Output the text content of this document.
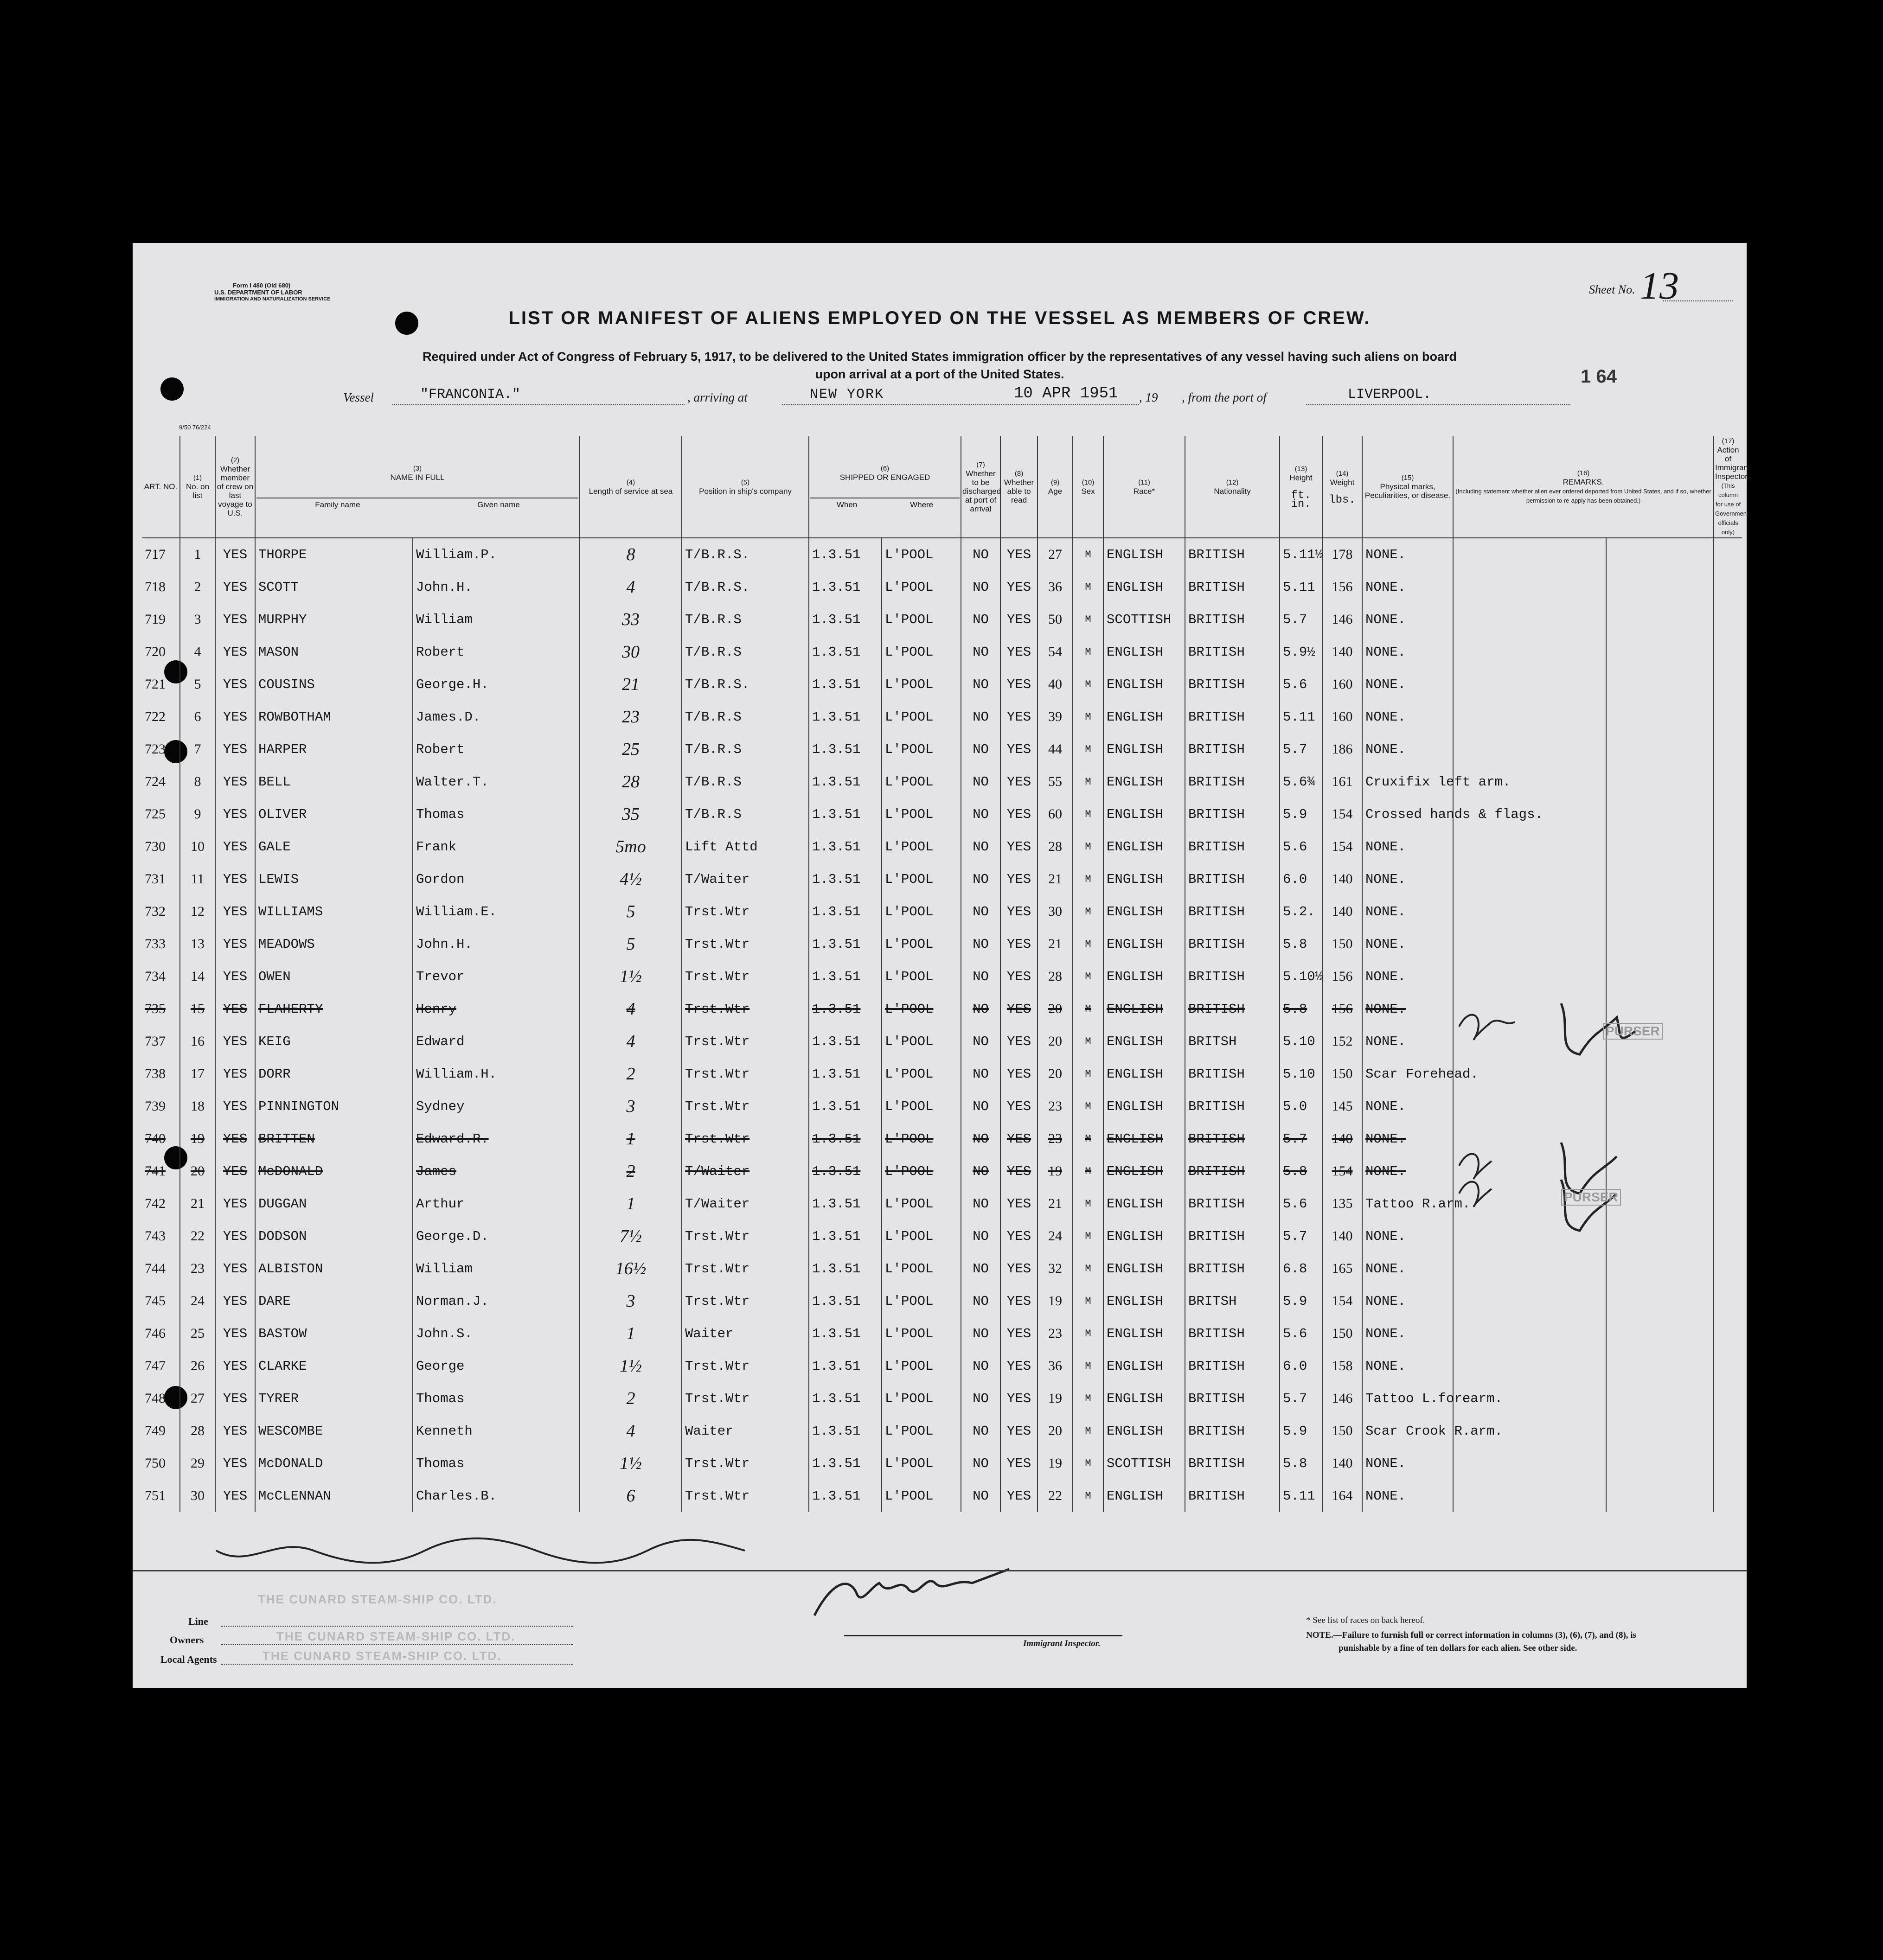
Form I 480 (Old 680)
U.S. DEPARTMENT OF LABOR
IMMIGRATION AND NATURALIZATION SERVICE
9/50 76/224
Sheet No. 13
1 64
LIST OR MANIFEST OF ALIENS EMPLOYED ON THE VESSEL AS MEMBERS OF CREW.
Required under Act of Congress of February 5, 1917, to be delivered to the United States immigration officer by the representatives of any vessel having such aliens on board
upon arrival at a port of the United States.
Vessel	"FRANCONIA."	, arriving at	NEW YORK	10 APR 1951 , 19 , from the port of	LIVERPOOL.
ART. NO.	(1)
No. on list	(2)
Whether member of crew on last voyage to U.S.	(3)
NAME IN FULL
Family name Given name		(4)
Length of service at sea	(5)
Position in ship's company	(6)
SHIPPED OR ENGAGED
When Where		(7)
Whether to be discharged at port of arrival	(8)
Whether able to read	(9)
Age	(10)
Sex	(11)
Race*	(12)
Nationality	(13)
Height

ft. in.	(14)
Weight

lbs.	(15)
Physical marks, Peculiarities, or disease.	(16)
REMARKS.
(Including statement whether alien ever ordered deported from United States, and if so, whether permission to re-apply has been obtained.)		(17)
Action of Immigrant Inspector.
(This column for use of Government officials only)
717	1	YES	THORPE	William.P.	8	T/B.R.S.	1.3.51	L'POOL	NO	YES	27	M	ENGLISH	BRITISH	5.11½	178	NONE.			
718	2	YES	SCOTT	John.H.	4	T/B.R.S.	1.3.51	L'POOL	NO	YES	36	M	ENGLISH	BRITISH	5.11	156	NONE.			
719	3	YES	MURPHY	William	33	T/B.R.S	1.3.51	L'POOL	NO	YES	50	M	SCOTTISH	BRITISH	5.7	146	NONE.			
720	4	YES	MASON	Robert	30	T/B.R.S	1.3.51	L'POOL	NO	YES	54	M	ENGLISH	BRITISH	5.9½	140	NONE.			
721	5	YES	COUSINS	George.H.	21	T/B.R.S.	1.3.51	L'POOL	NO	YES	40	M	ENGLISH	BRITISH	5.6	160	NONE.			
722	6	YES	ROWBOTHAM	James.D.	23	T/B.R.S	1.3.51	L'POOL	NO	YES	39	M	ENGLISH	BRITISH	5.11	160	NONE.			
723	7	YES	HARPER	Robert	25	T/B.R.S	1.3.51	L'POOL	NO	YES	44	M	ENGLISH	BRITISH	5.7	186	NONE.			
724	8	YES	BELL	Walter.T.	28	T/B.R.S	1.3.51	L'POOL	NO	YES	55	M	ENGLISH	BRITISH	5.6¾	161	Cruxifix left arm.			
725	9	YES	OLIVER	Thomas	35	T/B.R.S	1.3.51	L'POOL	NO	YES	60	M	ENGLISH	BRITISH	5.9	154	Crossed hands & flags.			
730	10	YES	GALE	Frank	5mo	Lift Attd	1.3.51	L'POOL	NO	YES	28	M	ENGLISH	BRITISH	5.6	154	NONE.			
731	11	YES	LEWIS	Gordon	4½	T/Waiter	1.3.51	L'POOL	NO	YES	21	M	ENGLISH	BRITISH	6.0	140	NONE.			
732	12	YES	WILLIAMS	William.E.	5	Trst.Wtr	1.3.51	L'POOL	NO	YES	30	M	ENGLISH	BRITISH	5.2.	140	NONE.			
733	13	YES	MEADOWS	John.H.	5	Trst.Wtr	1.3.51	L'POOL	NO	YES	21	M	ENGLISH	BRITISH	5.8	150	NONE.			
734	14	YES	OWEN	Trevor	1½	Trst.Wtr	1.3.51	L'POOL	NO	YES	28	M	ENGLISH	BRITISH	5.10½	156	NONE.			
735	15	YES	FLAHERTY	Henry	4	Trst.Wtr	1.3.51	L'POOL	NO	YES	20	M	ENGLISH	BRITISH	5.8	156	NONE.			
737	16	YES	KEIG	Edward	4	Trst.Wtr	1.3.51	L'POOL	NO	YES	20	M	ENGLISH	BRITSH	5.10	152	NONE.			
738	17	YES	DORR	William.H.	2	Trst.Wtr	1.3.51	L'POOL	NO	YES	20	M	ENGLISH	BRITISH	5.10	150	Scar Forehead.			
739	18	YES	PINNINGTON	Sydney	3	Trst.Wtr	1.3.51	L'POOL	NO	YES	23	M	ENGLISH	BRITISH	5.0	145	NONE.			
740	19	YES	BRITTEN	Edward.R.	1	Trst.Wtr	1.3.51	L'POOL	NO	YES	23	M	ENGLISH	BRITISH	5.7	140	NONE.			
741	20	YES	McDONALD	James	2	T/Waiter	1.3.51	L'POOL	NO	YES	19	M	ENGLISH	BRITISH	5.8	154	NONE.			
742	21	YES	DUGGAN	Arthur	1	T/Waiter	1.3.51	L'POOL	NO	YES	21	M	ENGLISH	BRITISH	5.6	135	Tattoo R.arm.			
743	22	YES	DODSON	George.D.	7½	Trst.Wtr	1.3.51	L'POOL	NO	YES	24	M	ENGLISH	BRITISH	5.7	140	NONE.			
744	23	YES	ALBISTON	William	16½	Trst.Wtr	1.3.51	L'POOL	NO	YES	32	M	ENGLISH	BRITISH	6.8	165	NONE.			
745	24	YES	DARE	Norman.J.	3	Trst.Wtr	1.3.51	L'POOL	NO	YES	19	M	ENGLISH	BRITSH	5.9	154	NONE.			
746	25	YES	BASTOW	John.S.	1	Waiter	1.3.51	L'POOL	NO	YES	23	M	ENGLISH	BRITISH	5.6	150	NONE.			
747	26	YES	CLARKE	George	1½	Trst.Wtr	1.3.51	L'POOL	NO	YES	36	M	ENGLISH	BRITISH	6.0	158	NONE.			
748	27	YES	TYRER	Thomas	2	Trst.Wtr	1.3.51	L'POOL	NO	YES	19	M	ENGLISH	BRITISH	5.7	146	Tattoo L.forearm.			
749	28	YES	WESCOMBE	Kenneth	4	Waiter	1.3.51	L'POOL	NO	YES	20	M	ENGLISH	BRITISH	5.9	150	Scar Crook R.arm.			
750	29	YES	McDONALD	Thomas	1½	Trst.Wtr	1.3.51	L'POOL	NO	YES	19	M	SCOTTISH	BRITISH	5.8	140	NONE.			
751	30	YES	McCLENNAN	Charles.B.	6	Trst.Wtr	1.3.51	L'POOL	NO	YES	22	M	ENGLISH	BRITISH	5.11	164	NONE.			
PURSER
PURSER
THE CUNARD STEAM-SHIP CO. LTD.
Line
Owners	THE CUNARD STEAM-SHIP CO. LTD.
Local Agents	THE CUNARD STEAM-SHIP CO. LTD.
Immigrant Inspector.
* See list of races on back hereof.
NOTE.—Failure to furnish full or correct information in columns (3), (6), (7), and (8), is
punishable by a fine of ten dollars for each alien. See other side.
